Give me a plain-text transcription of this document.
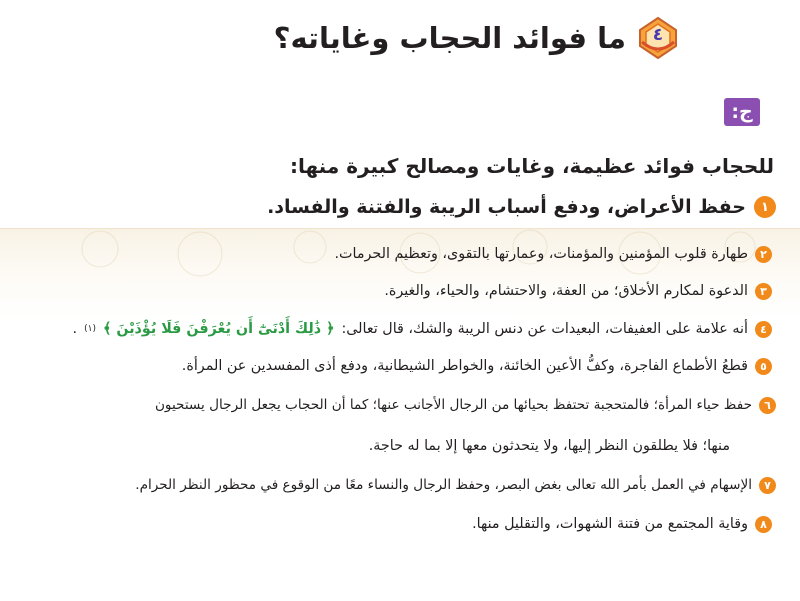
٤
ما فوائد الحجاب وغاياته؟
ج:
للحجاب فوائد عظيمة، وغايات ومصالح كبيرة منها:
١
حفظ الأعراض، ودفع أسباب الريبة والفتنة والفساد.
٢
طهارة قلوب المؤمنين والمؤمنات، وعمارتها بالتقوى، وتعظيم الحرمات.
٣
الدعوة لمكارم الأخلاق؛ من العفة، والاحتشام، والحياء، والغيرة.
٤
أنه علامة على العفيفات، البعيدات عن دنس الريبة والشك، قال تعالى:
﴿ ذَٰلِكَ أَدْنَىٰٓ أَن يُعْرَفْنَ فَلَا يُؤْذَيْنَ ﴾
(١)
.
٥
قطعُ الأطماع الفاجرة، وكفُّ الأعين الخائنة، والخواطر الشيطانية، ودفع أذى المفسدين عن المرأة.
٦
حفظ حياء المرأة؛ فالمتحجبة تحتفظ بحيائها من الرجال الأجانب عنها؛ كما أن الحجاب يجعل الرجال يستحيون
منها؛ فلا يطلقون النظر إليها، ولا يتحدثون معها إلا بما له حاجة.
٧
الإسهام في العمل بأمر الله تعالى بغض البصر، وحفظ الرجال والنساء معًا من الوقوع في محظور النظر الحرام.
٨
وقاية المجتمع من فتنة الشهوات، والتقليل منها.
